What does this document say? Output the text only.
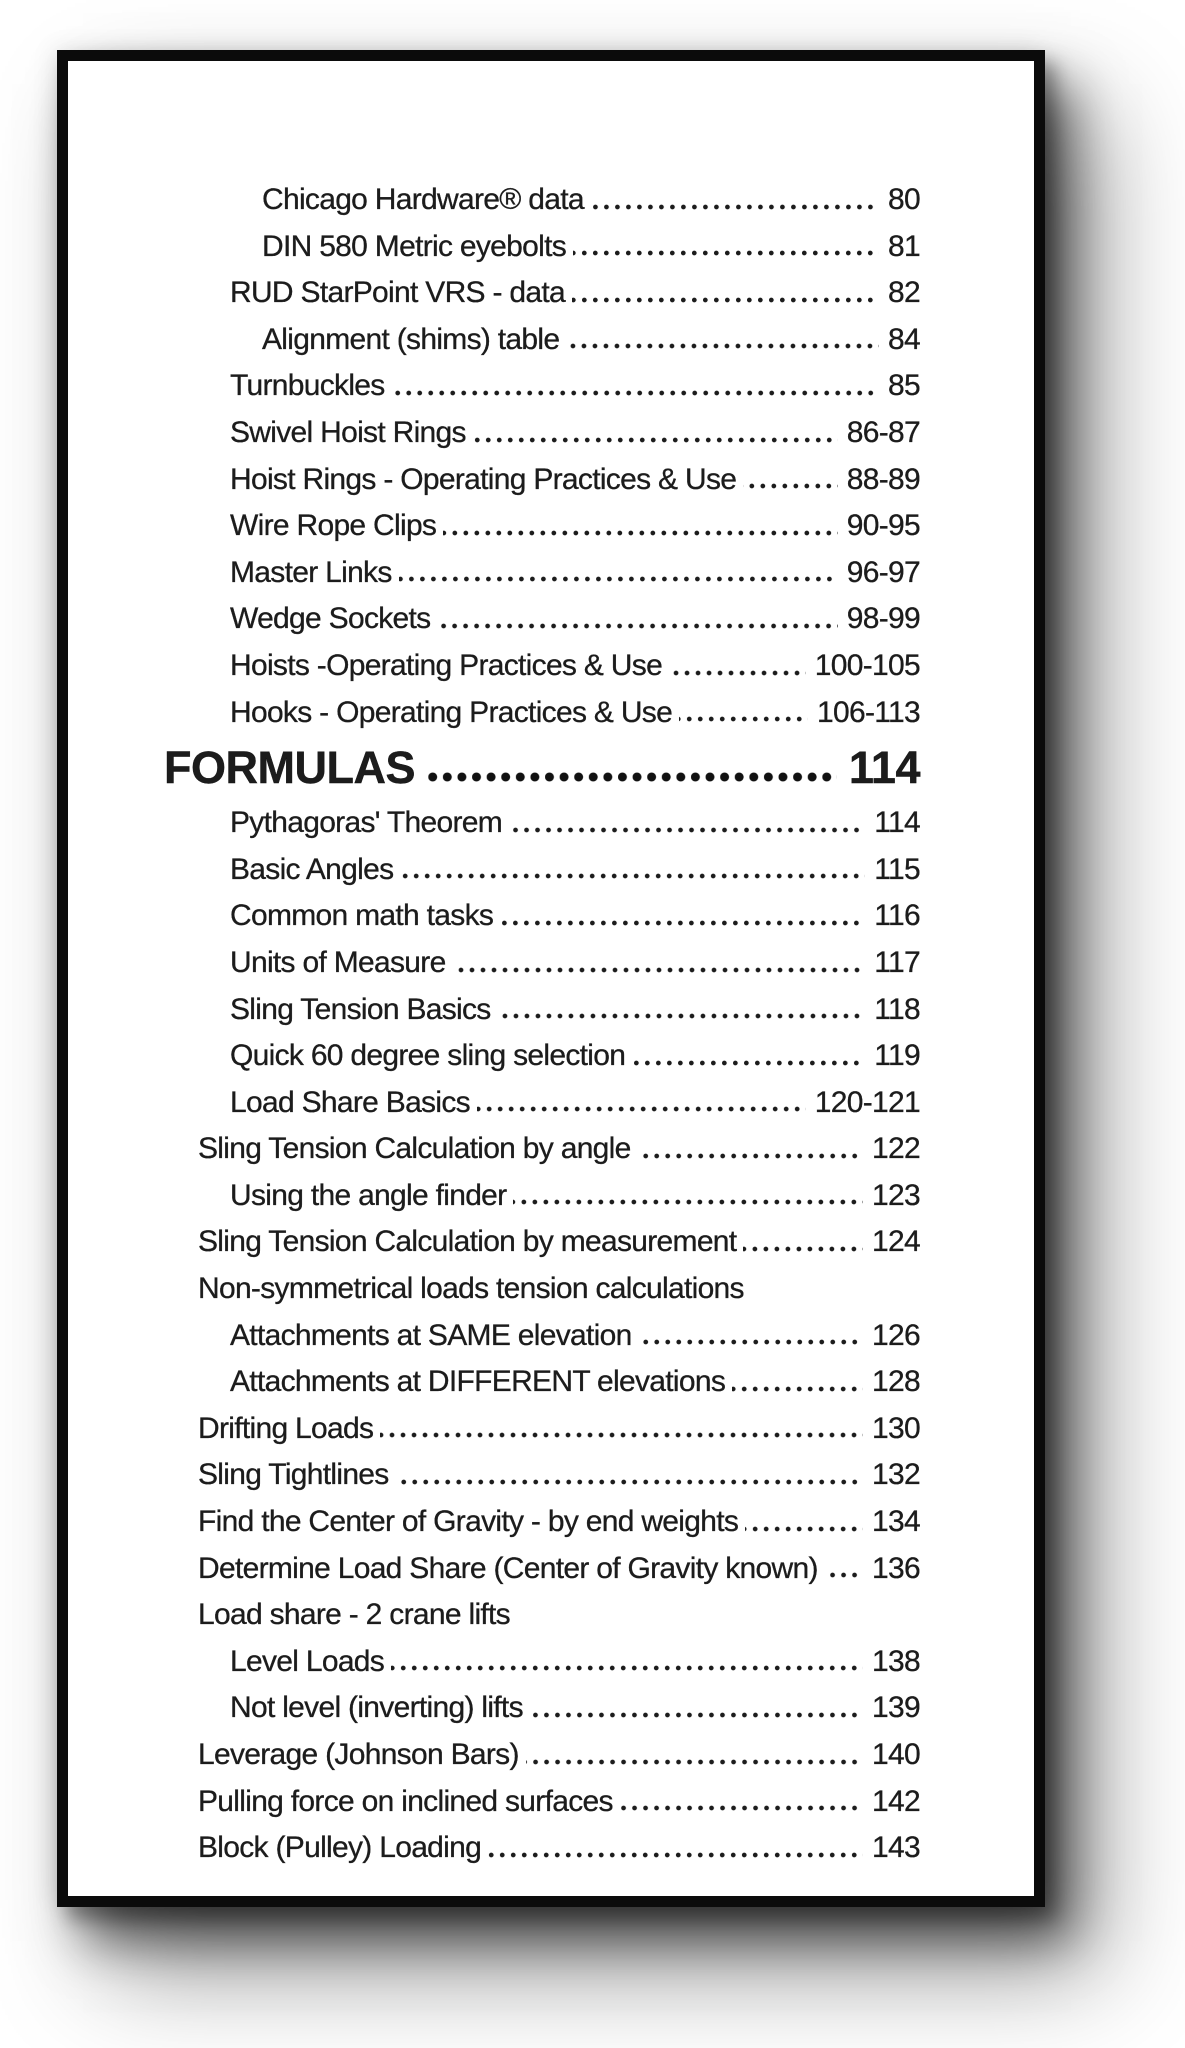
Chicago Hardware® data	80
DIN 580 Metric eyebolts	81
RUD StarPoint VRS - data	82
Alignment (shims) table	84
Turnbuckles	85
Swivel Hoist Rings	86-87
Hoist Rings - Operating Practices & Use	88-89
Wire Rope Clips	90-95
Master Links	96-97
Wedge Sockets	98-99
Hoists -Operating Practices & Use	100-105
Hooks - Operating Practices & Use	106-113
FORMULAS	114
Pythagoras' Theorem	114
Basic Angles	115
Common math tasks	116
Units of Measure	117
Sling Tension Basics	118
Quick 60 degree sling selection	119
Load Share Basics	120-121
Sling Tension Calculation by angle	122
Using the angle finder	123
Sling Tension Calculation by measurement	124
Non-symmetrical loads tension calculations
Attachments at SAME elevation	126
Attachments at DIFFERENT elevations	128
Drifting Loads	130
Sling Tightlines	132
Find the Center of Gravity - by end weights	134
Determine Load Share (Center of Gravity known) 136
Load share - 2 crane lifts
Level Loads	138
Not level (inverting) lifts	139
Leverage (Johnson Bars)	140
Pulling force on inclined surfaces	142
Block (Pulley) Loading	143
